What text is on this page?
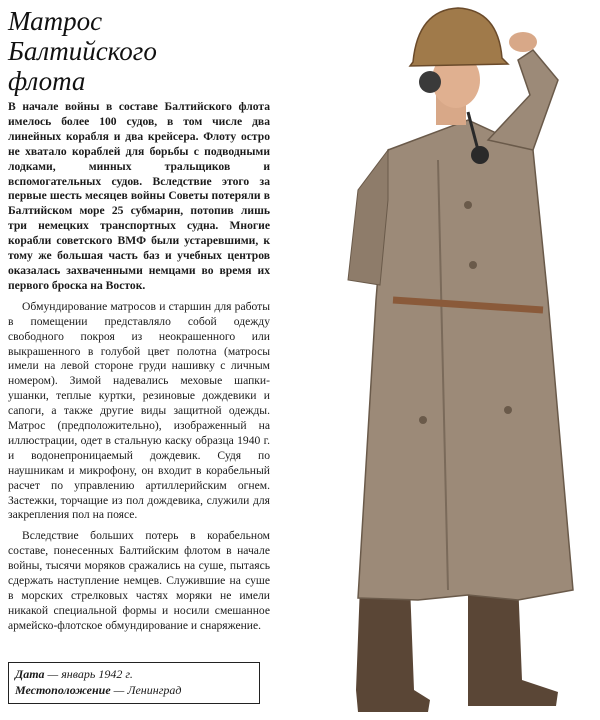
Матрос
Балтийского
флота

В начале войны в составе Балтийского флота имелось более 100 судов, в том числе два линейных корабля и два крейсера. Флоту остро не хватало кораблей для борьбы с подводными лодками, минных тральщиков и вспомогательных судов. Вследствие этого за первые шесть месяцев войны Советы потеряли в Балтийском море 25 субмарин, потопив лишь три немецких транспортных судна. Многие корабли советского ВМФ были устаревшими, к тому же большая часть баз и учебных центров оказалась захваченными немцами во время их первого броска на Восток.

Обмундирование матросов и старшин для работы в помещении представляло собой одежду свободного покроя из неокрашенного или выкрашенного в голубой цвет полотна (матросы имели на левой стороне груди нашивку с личным номером). Зимой надевались меховые шапки-ушанки, теплые куртки, резиновые дождевики и сапоги, а также другие виды защитной одежды. Матрос (предположительно), изображенный на иллюстрации, одет в стальную каску образца 1940 г. и водонепроницаемый дождевик. Судя по наушникам и микрофону, он входит в корабельный расчет по управлению артиллерийским огнем. Застежки, торчащие из пол дождевика, служили для закрепления пол на поясе.

Вследствие больших потерь в корабельном составе, понесенных Балтийским флотом в начале войны, тысячи моряков сражались на суше, пытаясь сдержать наступление немцев. Служившие на суше в морских стрелковых частях моряки не имели никакой специальной формы и носили смешанное армейско-флотское обмундирование и снаряжение.

Дата — январь 1942 г.
Местоположение — Ленинград
